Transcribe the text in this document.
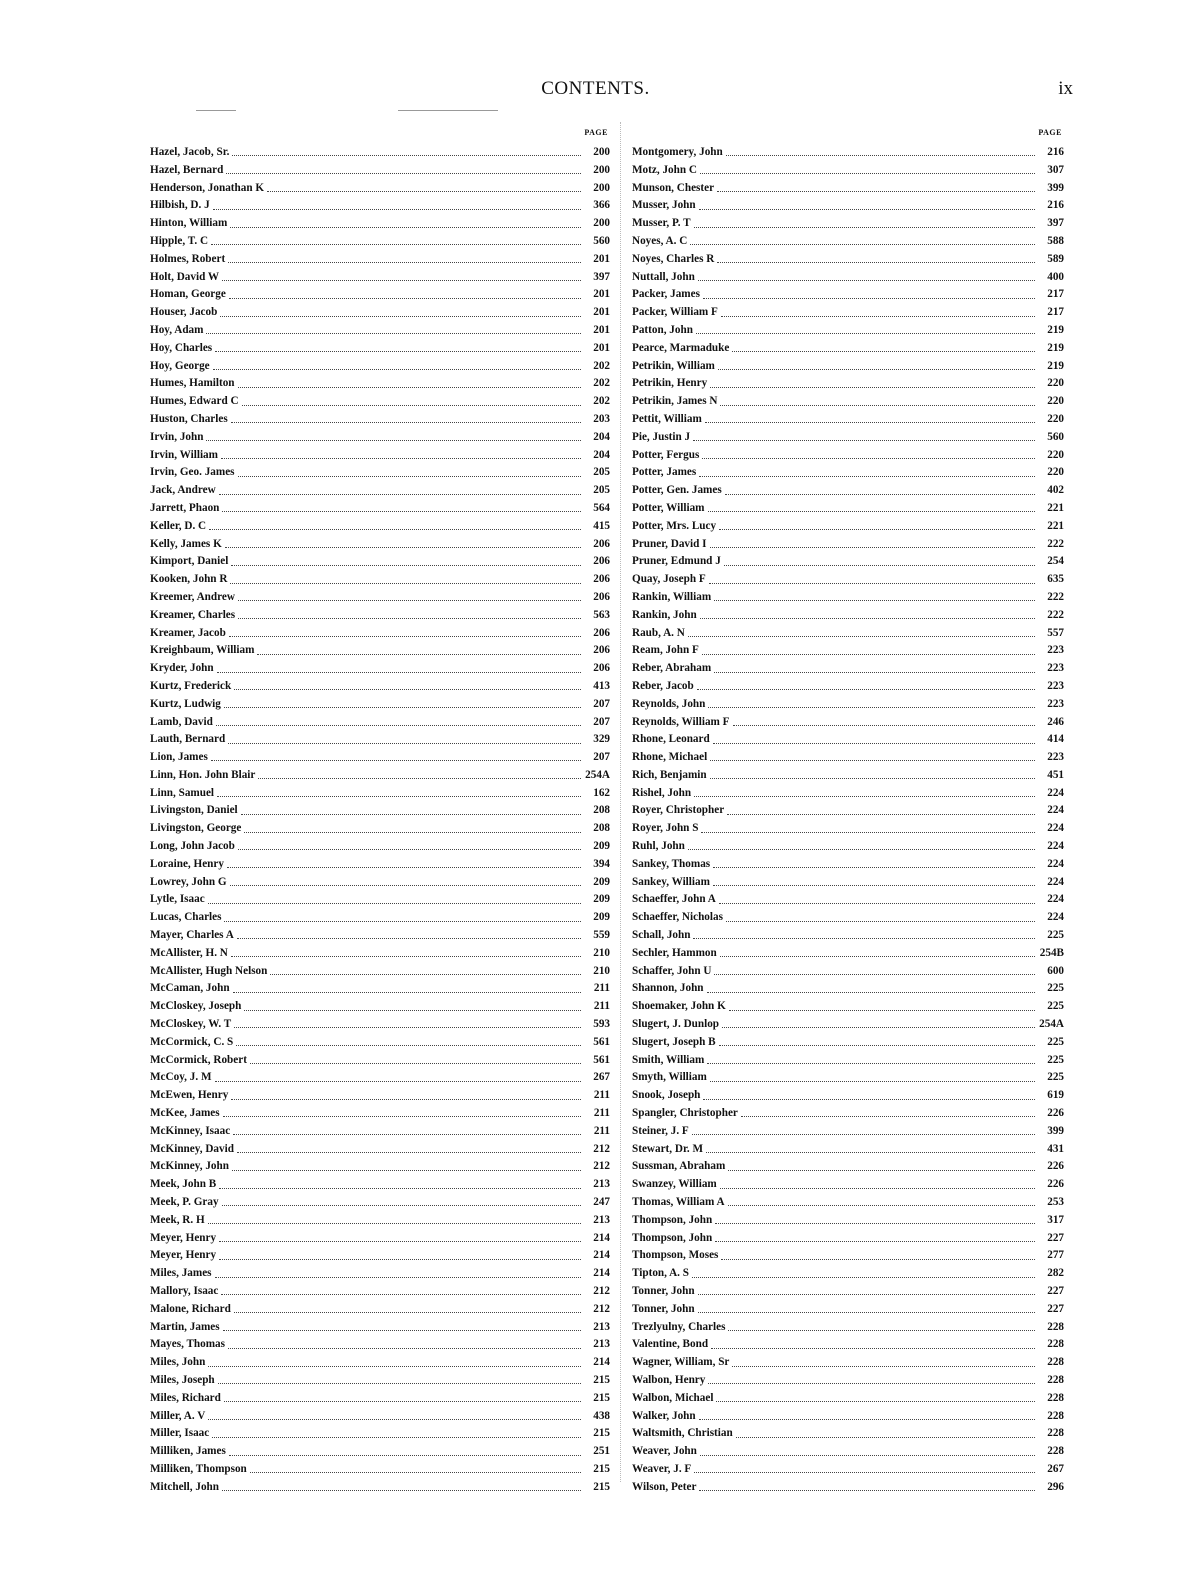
CONTENTS.	ix
PAGE
Hazel, Jacob, Sr.	200
Hazel, Bernard	200
Henderson, Jonathan K	200
Hilbish, D. J	366
Hinton, William	200
Hipple, T. C	560
Holmes, Robert	201
Holt, David W	397
Homan, George	201
Houser, Jacob	201
Hoy, Adam	201
Hoy, Charles	201
Hoy, George	202
Humes, Hamilton	202
Humes, Edward C	202
Huston, Charles	203
Irvin, John	204
Irvin, William	204
Irvin, Geo. James	205
Jack, Andrew	205
Jarrett, Phaon	564
Keller, D. C	415
Kelly, James K	206
Kimport, Daniel	206
Kooken, John R	206
Kreemer, Andrew	206
Kreamer, Charles	563
Kreamer, Jacob	206
Kreighbaum, William	206
Kryder, John	206
Kurtz, Frederick	413
Kurtz, Ludwig	207
Lamb, David	207
Lauth, Bernard	329
Lion, James	207
Linn, Hon. John Blair	254A
Linn, Samuel	162
Livingston, Daniel	208
Livingston, George	208
Long, John Jacob	209
Loraine, Henry	394
Lowrey, John G	209
Lytle, Isaac	209
Lucas, Charles	209
Mayer, Charles A	559
McAllister, H. N	210
McAllister, Hugh Nelson	210
McCaman, John	211
McCloskey, Joseph	211
McCloskey, W. T	593
McCormick, C. S	561
McCormick, Robert	561
McCoy, J. M	267
McEwen, Henry	211
McKee, James	211
McKinney, Isaac	211
McKinney, David	212
McKinney, John	212
Meek, John B	213
Meek, P. Gray	247
Meek, R. H	213
Meyer, Henry	214
Meyer, Henry	214
Miles, James	214
Mallory, Isaac	212
Malone, Richard	212
Martin, James	213
Mayes, Thomas	213
Miles, John	214
Miles, Joseph	215
Miles, Richard	215
Miller, A. V	438
Miller, Isaac	215
Milliken, James	251
Milliken, Thompson	215
Mitchell, John	215
PAGE
Montgomery, John	216
Motz, John C	307
Munson, Chester	399
Musser, John	216
Musser, P. T	397
Noyes, A. C	588
Noyes, Charles R	589
Nuttall, John	400
Packer, James	217
Packer, William F	217
Patton, John	219
Pearce, Marmaduke	219
Petrikin, William	219
Petrikin, Henry	220
Petrikin, James N	220
Pettit, William	220
Pie, Justin J	560
Potter, Fergus	220
Potter, James	220
Potter, Gen. James	402
Potter, William	221
Potter, Mrs. Lucy	221
Pruner, David I	222
Pruner, Edmund J	254
Quay, Joseph F	635
Rankin, William	222
Rankin, John	222
Raub, A. N	557
Ream, John F	223
Reber, Abraham	223
Reber, Jacob	223
Reynolds, John	223
Reynolds, William F	246
Rhone, Leonard	414
Rhone, Michael	223
Rich, Benjamin	451
Rishel, John	224
Royer, Christopher	224
Royer, John S	224
Ruhl, John	224
Sankey, Thomas	224
Sankey, William	224
Schaeffer, John A	224
Schaeffer, Nicholas	224
Schall, John	225
Sechler, Hammon	254B
Schaffer, John U	600
Shannon, John	225
Shoemaker, John K	225
Slugert, J. Dunlop	254A
Slugert, Joseph B	225
Smith, William	225
Smyth, William	225
Snook, Joseph	619
Spangler, Christopher	226
Steiner, J. F	399
Stewart, Dr. M	431
Sussman, Abraham	226
Swanzey, William	226
Thomas, William A	253
Thompson, John	317
Thompson, John	227
Thompson, Moses	277
Tipton, A. S	282
Tonner, John	227
Tonner, John	227
Trezlyulny, Charles	228
Valentine, Bond	228
Wagner, William, Sr	228
Walbon, Henry	228
Walbon, Michael	228
Walker, John	228
Waltsmith, Christian	228
Weaver, John	228
Weaver, J. F	267
Wilson, Peter	296
